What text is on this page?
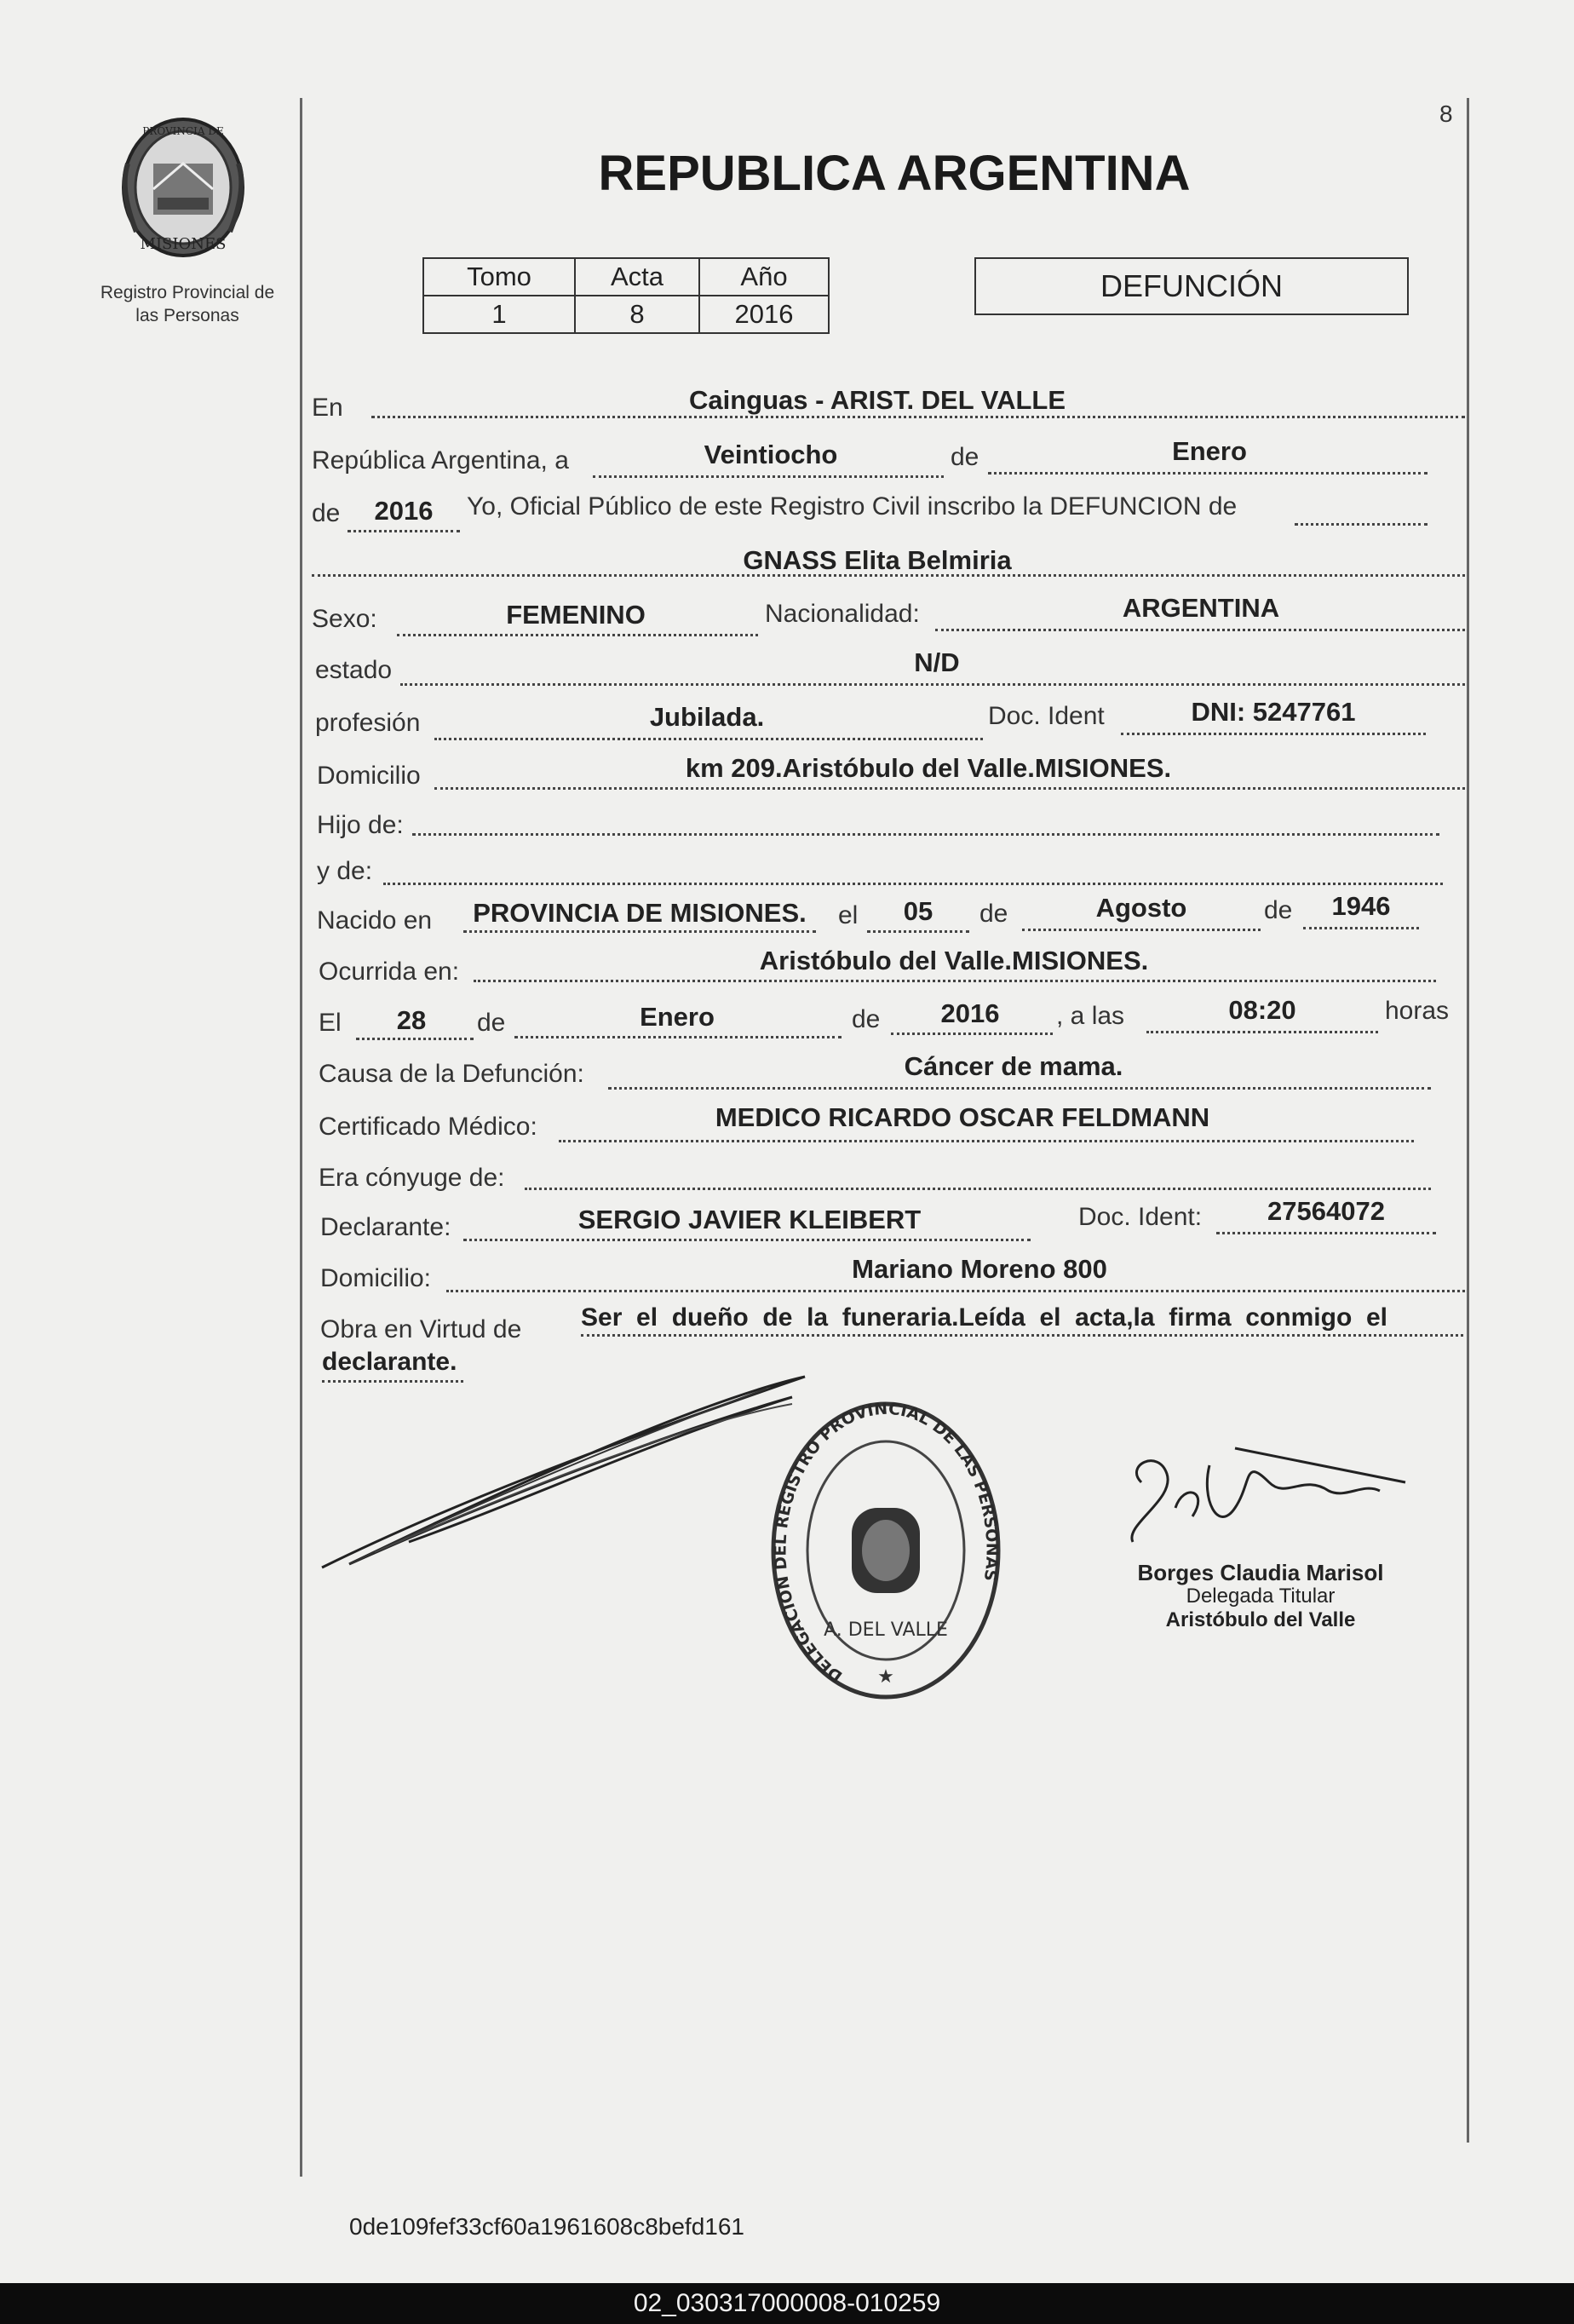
MISIONES
PROVINCIA DE
Registro Provincial de
las Personas
8
REPUBLICA ARGENTINA
Tomo	Acta	Año
1	8	2016
DEFUNCIÓN
En	Cainguas - ARIST. DEL VALLE
República Argentina, a	Veintiocho	de	Enero
de	2016	Yo, Oficial Público de este Registro Civil inscribo la DEFUNCION de
GNASS Elita Belmiria
Sexo:	FEMENINO	Nacionalidad:	ARGENTINA
estado	N/D
profesión	Jubilada.	Doc. Ident	DNI: 5247761
Domicilio	km 209.Aristóbulo del Valle.MISIONES.
Hijo de:
y de:
Nacido en	PROVINCIA DE MISIONES.	el	05	de	Agosto	de	1946
Ocurrida en:	Aristóbulo del Valle.MISIONES.
El	28	de	Enero	de	2016	, a las	08:20	horas
Causa de la Defunción:	Cáncer de mama.
Certificado Médico:	MEDICO RICARDO OSCAR FELDMANN
Era cónyuge de:
Declarante:	SERGIO JAVIER KLEIBERT	Doc. Ident:	27564072
Domicilio:	Mariano Moreno 800
Obra en Virtud de Ser  el  dueño  de  la  funeraria.Leída  el  acta,la  firma  conmigo  el
declarante.
DELEGACION DEL REGISTRO PROVINCIAL DE LAS PERSONAS
A. DEL VALLE
★
Borges Claudia Marisol
Delegada Titular
Aristóbulo del Valle
0de109fef33cf60a1961608c8befd161
02_030317000008-010259
